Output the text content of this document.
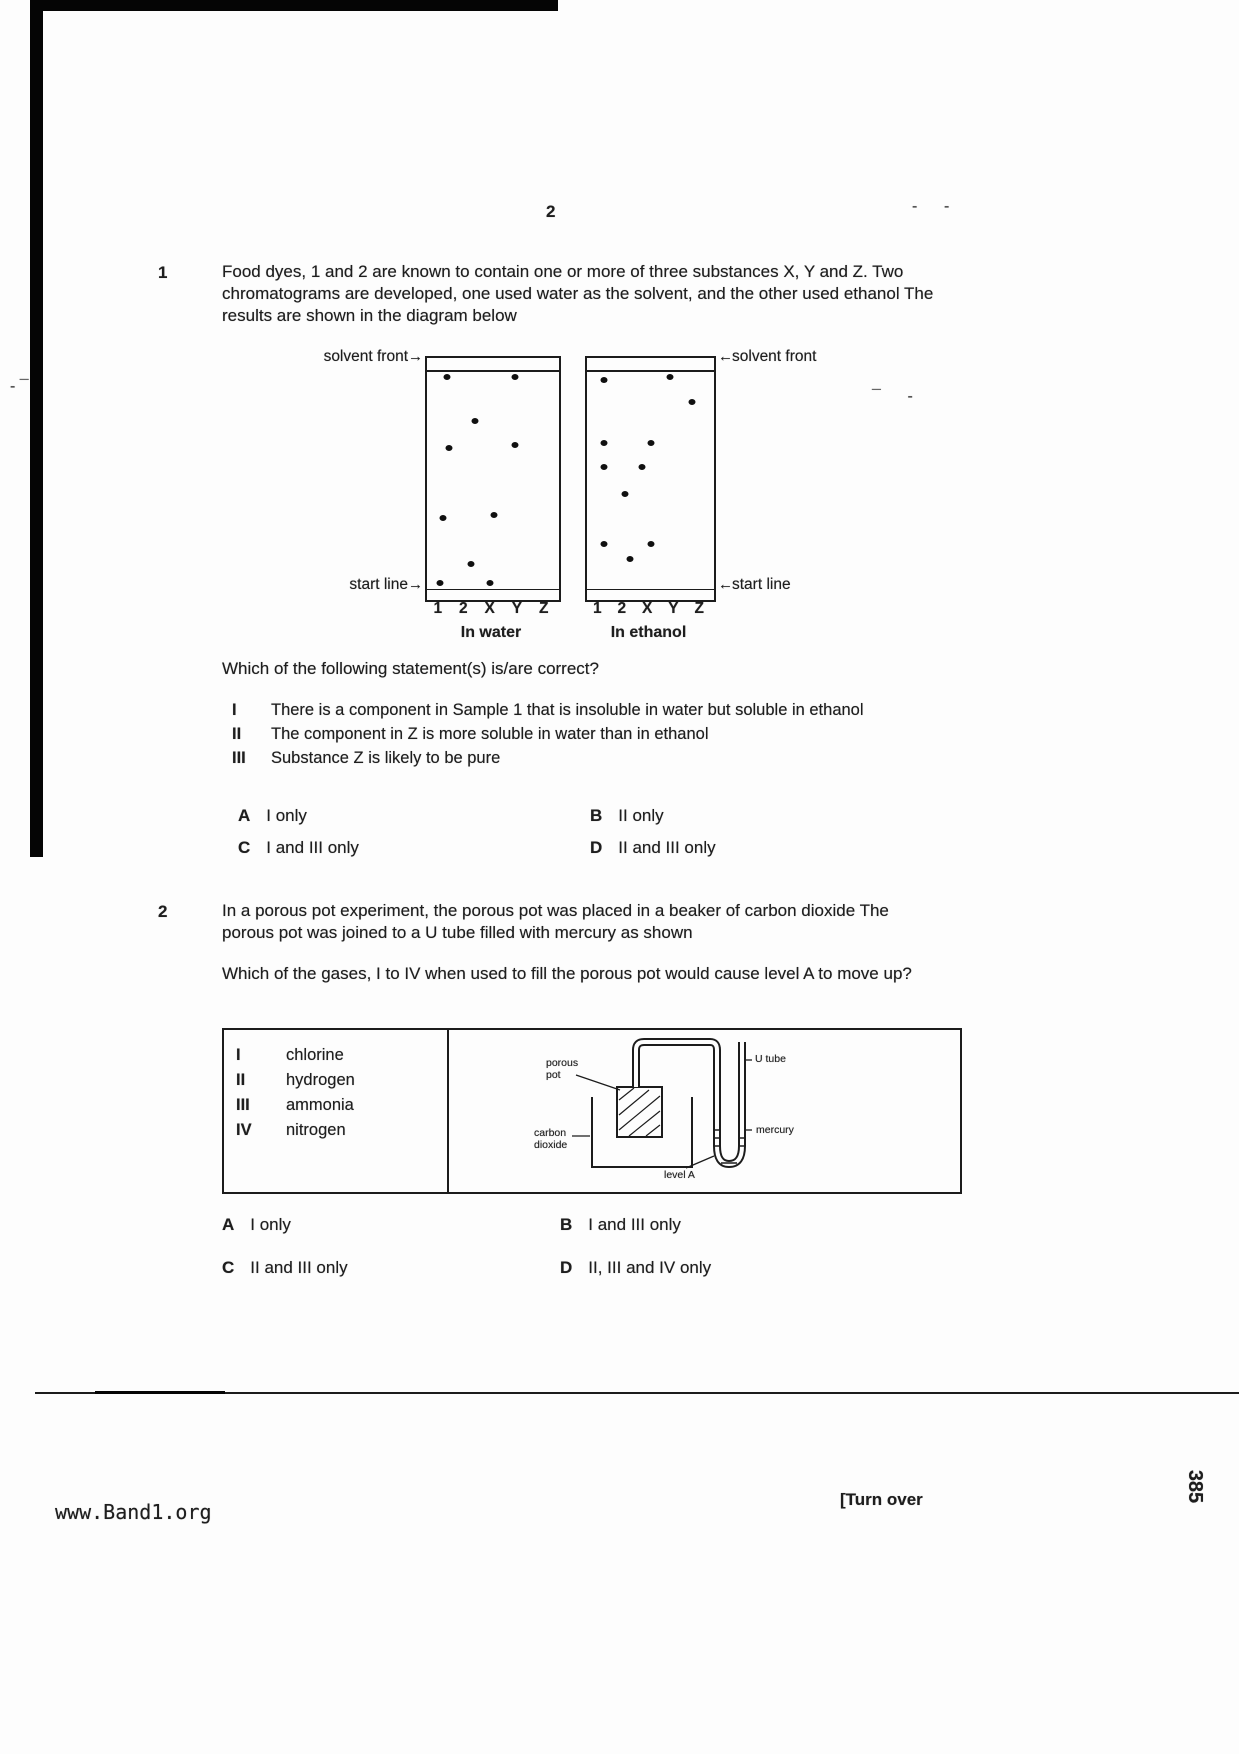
-      -
- ¯
¯      -
2
1	Food dyes, 1 and 2 are known to contain one or more of three substances X, Y and Z. Two chromatograms are developed, one used water as the solvent, and the other used ethanol The results are shown in the diagram below
solvent front→
start line→
1 2 X Y Z
In water
←solvent front
←start line
1 2 X Y Z
In ethanol
Which of the following statement(s) is/are correct?
I	There is a component in Sample 1 that is insoluble in water but soluble in ethanol
II	The component in Z is more soluble in water than in ethanol
III	Substance Z is likely to be pure
A I only	B II only
C I and III only	D II and III only
2	In a porous pot experiment, the porous pot was placed in a beaker of carbon dioxide The porous pot was joined to a U tube filled with mercury as shown
Which of the gases, I to IV when used to fill the porous pot would cause level A to move up?
I	chlorine
II	hydrogen
III	ammonia
IV	nitrogen
porous pot
U tube
mercury
carbon dioxide
level A
A I only	B I and III only
C II and III only	D II, III and IV only
www.Band1.org
[Turn over	385
